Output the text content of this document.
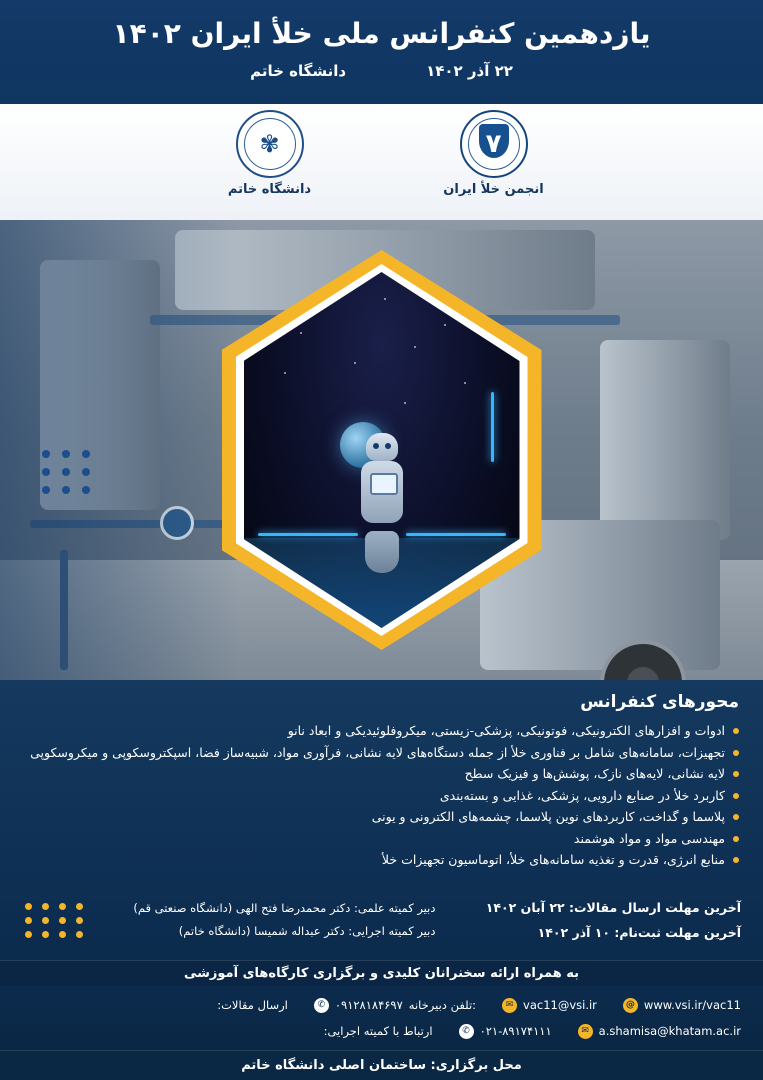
یازدهمین کنفرانس ملی خلأ ایران ۱۴۰۲
۲۲ آذر ۱۴۰۲
دانشگاه خاتم
۷
انجمن خلأ ایران
✾
دانشگاه خاتم
محورهای کنفرانس
ادوات و افزارهای الکترونیکی، فوتونیکی، پزشکی-زیستی، میکروفلوئیدیکی و ابعاد نانو
تجهیزات، سامانه‌های شامل بر فناوری خلأ از جمله دستگاه‌های لایه نشانی، فرآوری مواد، شبیه‌ساز فضا، اسپکتروسکوپی و میکروسکوپی
لایه نشانی، لایه‌های نازک، پوشش‌ها و فیزیک سطح
کاربرد خلأ در صنایع دارویی، پزشکی، غذایی و بسته‌بندی
پلاسما و گداخت، کاربردهای نوین پلاسما، چشمه‌های الکترونی و یونی
مهندسی مواد و مواد هوشمند
منابع انرژی، قدرت و تغذیه سامانه‌های خلأ، اتوماسیون تجهیزات خلأ
آخرین مهلت ارسال مقالات: ۲۲ آبان ۱۴۰۲
آخرین مهلت ثبت‌نام: ۱۰ آذر ۱۴۰۲
دبیر کمیته علمی: دکتر محمدرضا فتح الهی (دانشگاه صنعتی قم)
دبیر کمیته اجرایی: دکتر عبداله شمیسا (دانشگاه خاتم)
به همراه ارائه سخنرانان کلیدی و برگزاری کارگاه‌های آموزشی
@ www.vsi.ir/vac11
✉ vac11@vsi.ir
✆ ۰۹۱۲۸۱۸۴۶۹۷ تلفن دبیرخانه:
ارسال مقالات:
✉ a.shamisa@khatam.ac.ir
✆ ۰۲۱-۸۹۱۷۴۱۱۱
ارتباط با کمیته اجرایی:
محل برگزاری: ساختمان اصلی دانشگاه خاتم
